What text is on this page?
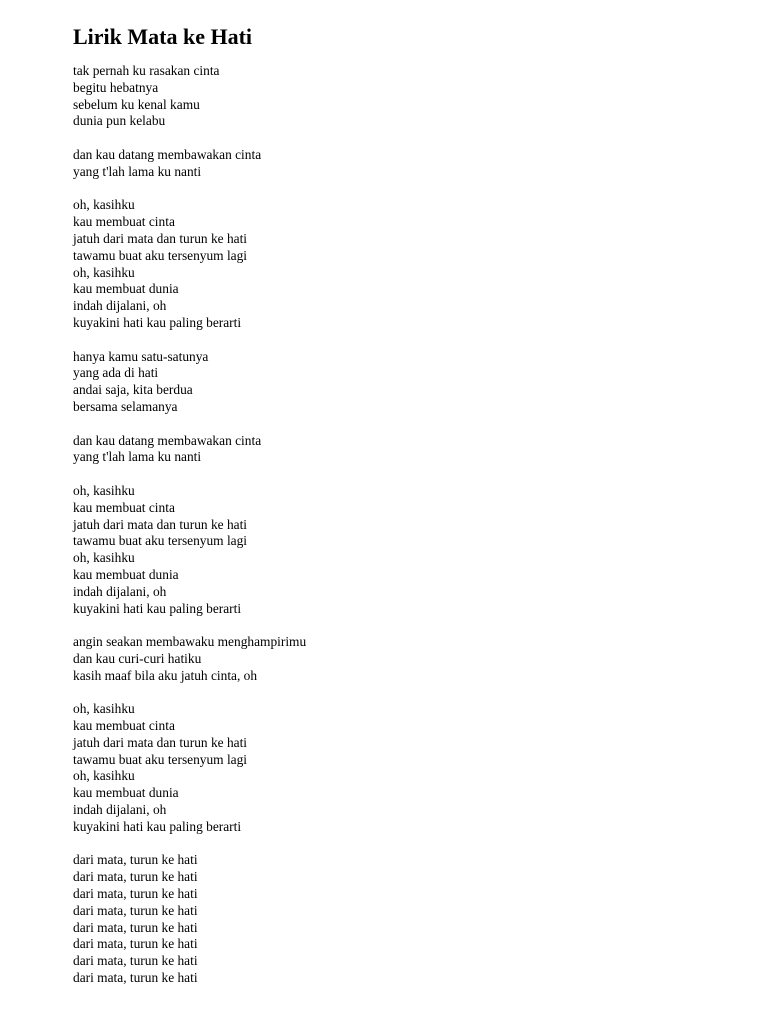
Lirik Mata ke Hati
tak pernah ku rasakan cinta
begitu hebatnya
sebelum ku kenal kamu
dunia pun kelabu
dan kau datang membawakan cinta
yang t'lah lama ku nanti
oh, kasihku
kau membuat cinta
jatuh dari mata dan turun ke hati
tawamu buat aku tersenyum lagi
oh, kasihku
kau membuat dunia
indah dijalani, oh
kuyakini hati kau paling berarti
hanya kamu satu-satunya
yang ada di hati
andai saja, kita berdua
bersama selamanya
dan kau datang membawakan cinta
yang t'lah lama ku nanti
oh, kasihku
kau membuat cinta
jatuh dari mata dan turun ke hati
tawamu buat aku tersenyum lagi
oh, kasihku
kau membuat dunia
indah dijalani, oh
kuyakini hati kau paling berarti
angin seakan membawaku menghampirimu
dan kau curi-curi hatiku
kasih maaf bila aku jatuh cinta, oh
oh, kasihku
kau membuat cinta
jatuh dari mata dan turun ke hati
tawamu buat aku tersenyum lagi
oh, kasihku
kau membuat dunia
indah dijalani, oh
kuyakini hati kau paling berarti
dari mata, turun ke hati
dari mata, turun ke hati
dari mata, turun ke hati
dari mata, turun ke hati
dari mata, turun ke hati
dari mata, turun ke hati
dari mata, turun ke hati
dari mata, turun ke hati
